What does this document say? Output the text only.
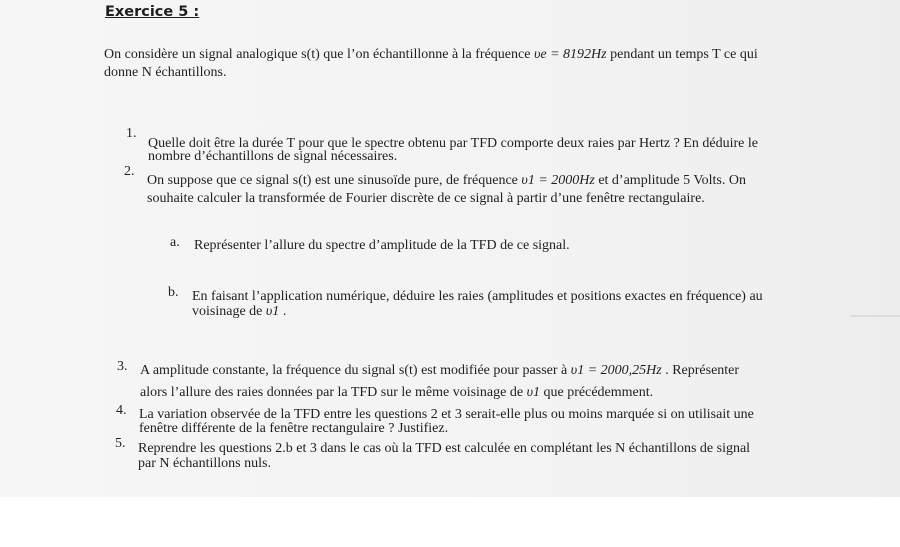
Exercice 5 :
On considère un signal analogique s(t) que l’on échantillonne à la fréquence υe = 8192Hz pendant un temps T ce qui
donne N échantillons.
1.
Quelle doit être la durée T pour que le spectre obtenu par TFD comporte deux raies par Hertz ? En déduire le
nombre d’échantillons de signal nécessaires.
2.
On suppose que ce signal s(t) est une sinusoïde pure, de fréquence υ1 = 2000Hz et d’amplitude 5 Volts. On
souhaite calculer la transformée de Fourier discrète de ce signal à partir d’une fenêtre rectangulaire.
a. Représenter l’allure du spectre d’amplitude de la TFD de ce signal.
b. En faisant l’application numérique, déduire les raies (amplitudes et positions exactes en fréquence) au
voisinage de υ1 .
3. A amplitude constante, la fréquence du signal s(t) est modifiée pour passer à υ1 = 2000,25Hz . Représenter
alors l’allure des raies données par la TFD sur le même voisinage de υ1 que précédemment.
4. La variation observée de la TFD entre les questions 2 et 3 serait-elle plus ou moins marquée si on utilisait une
fenêtre différente de la fenêtre rectangulaire ? Justifiez.
5. Reprendre les questions 2.b et 3 dans le cas où la TFD est calculée en complétant les N échantillons de signal
par N échantillons nuls.
